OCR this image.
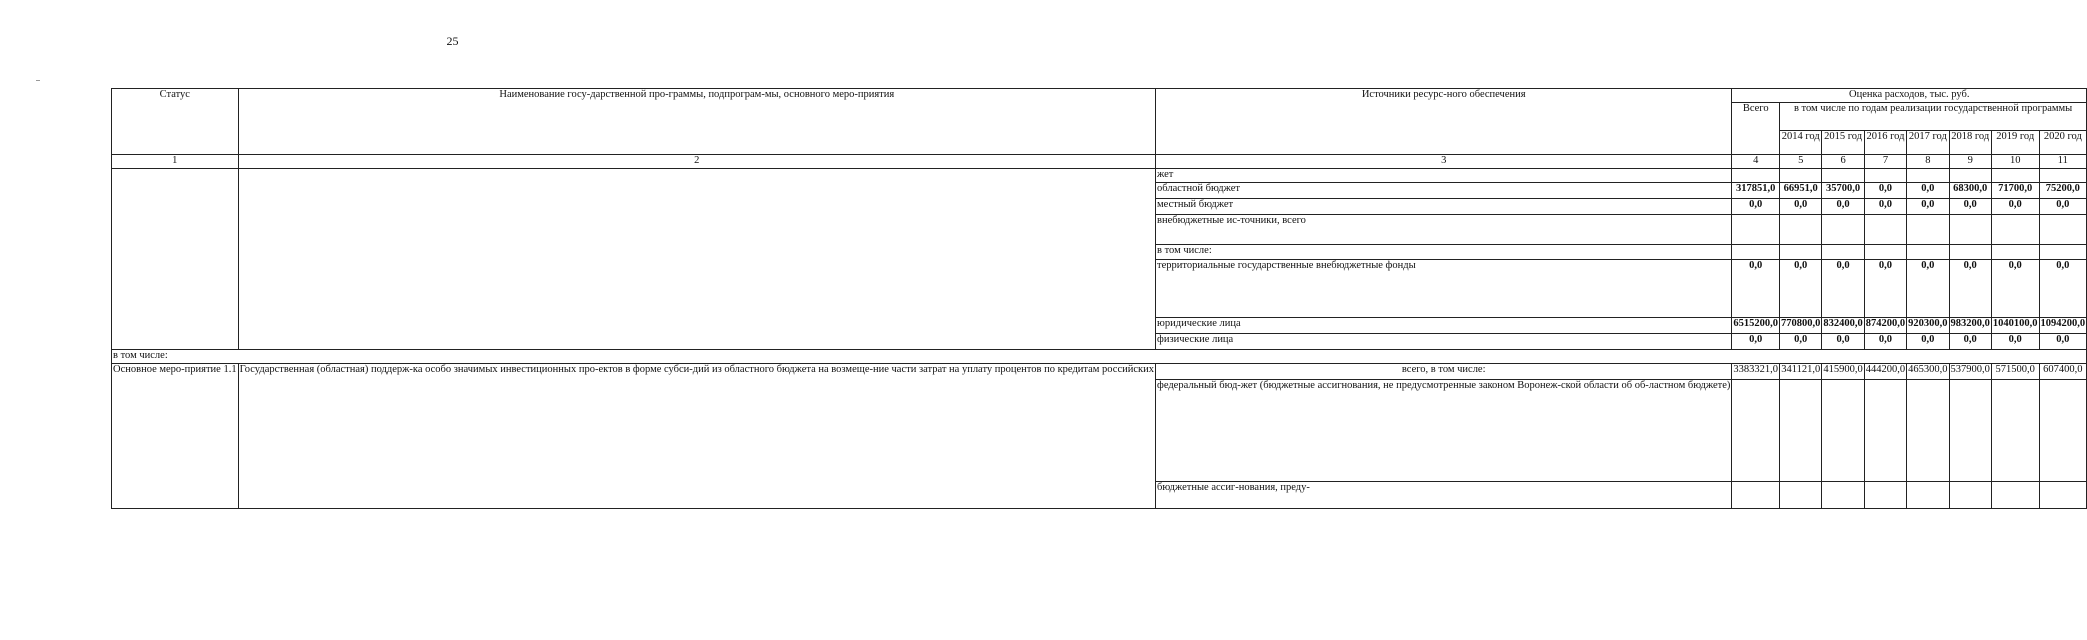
25
Статус	Наименование госу-дарственной про-граммы, подпрограм-мы, основного меро-приятия	Источники ресурс-ного обеспечения	Оценка расходов, тыс. руб.							
			Всего	в том числе по годам реализации государственной программы						
				2014 год	2015 год	2016 год	2017 год	2018 год	2019 год	2020 год
1	2	3	4	5	6	7	8	9	10	11
		жет								
		областной бюджет	317851,0	66951,0	35700,0	0,0	0,0	68300,0	71700,0	75200,0
		местный бюджет	0,0	0,0	0,0	0,0	0,0	0,0	0,0	0,0
		внебюджетные ис-точники, всего								
		в том числе:								
		территориальные государственные внебюджетные фонды	0,0	0,0	0,0	0,0	0,0	0,0	0,0	0,0
		юридические лица	6515200,0	770800,0	832400,0	874200,0	920300,0	983200,0	1040100,0	1094200,0
		физические лица	0,0	0,0	0,0	0,0	0,0	0,0	0,0	0,0
в том числе:										
Основное меро-приятие 1.1	Государственная (областная) поддерж-ка особо значимых инвестиционных про-ектов в форме субси-дий из областного бюджета на возмеще-ние части затрат на уплату процентов по кредитам российских	всего, в том числе:	3383321,0	341121,0	415900,0	444200,0	465300,0	537900,0	571500,0	607400,0
		федеральный бюд-жет (бюджетные ассигнования, не предусмотренные законом Воронеж-ской области об об-ластном бюджете)								
		бюджетные ассиг-нования, преду-								
